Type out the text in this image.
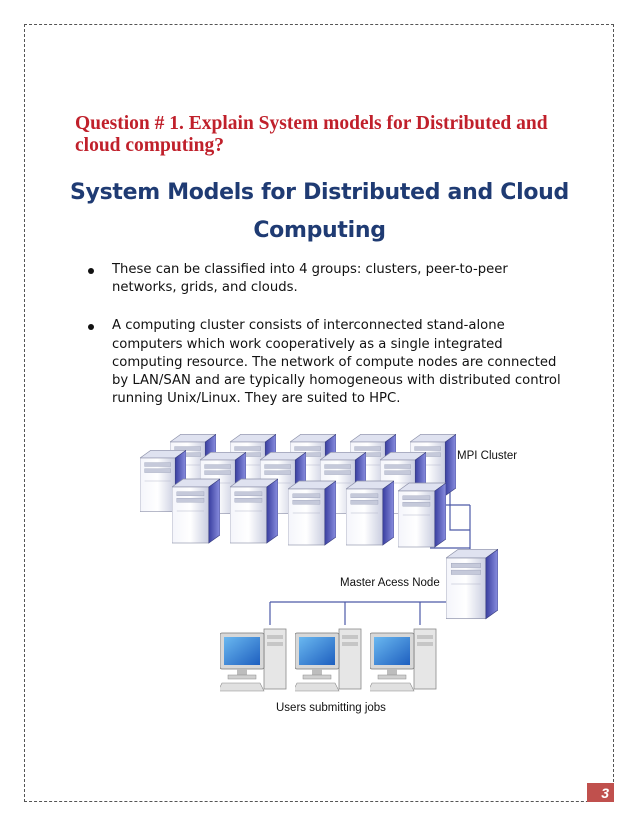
Question # 1. Explain System models for Distributed and cloud computing?

System Models for Distributed and Cloud Computing
These can be classified into 4 groups: clusters, peer-to-peer networks, grids, and clouds.
A computing cluster consists of interconnected stand-alone computers which work cooperatively as a single integrated computing resource. The network of compute nodes are connected by LAN/SAN and are typically homogeneous with distributed control running Unix/Linux. They are suited to HPC.
MPI Cluster
Master Acess Node
Users submitting jobs
3
